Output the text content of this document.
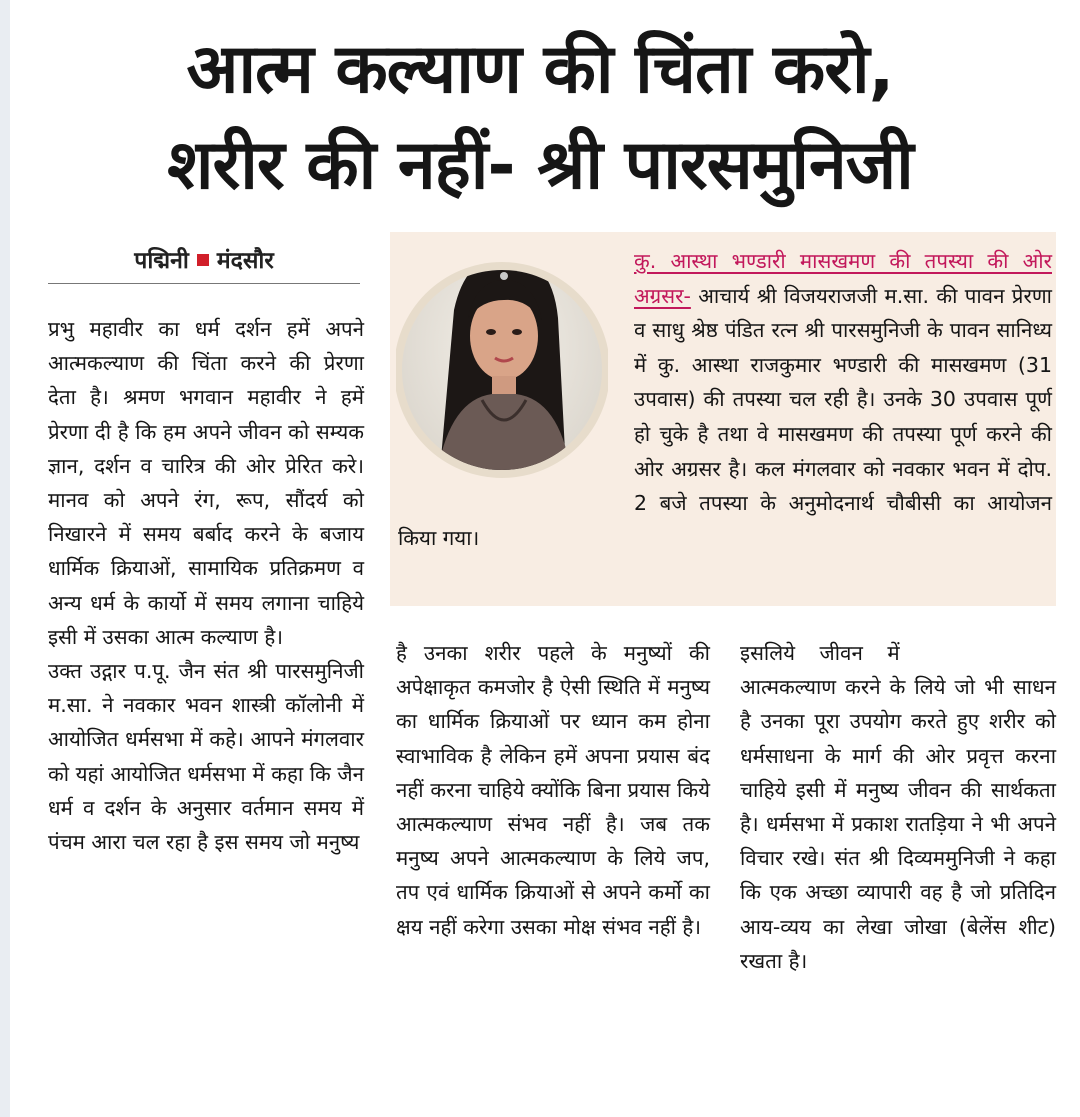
आत्म कल्याण की चिंता करो,
शरीर की नहीं- श्री पारसमुनिजी
पद्मिनी मंदसौर

प्रभु महावीर का धर्म दर्शन हमें अपने आत्मकल्याण की चिंता करने की प्रेरणा देता है। श्रमण भगवान महावीर ने हमें प्रेरणा दी है कि हम अपने जीवन को सम्यक ज्ञान, दर्शन व चारित्र की ओर प्रेरित करे। मानव को अपने रंग, रूप, सौंदर्य को निखारने में समय बर्बाद करने के बजाय धार्मिक क्रियाओं, सामायिक प्रतिक्रमण व अन्य धर्म के कार्यो में समय लगाना चाहिये इसी में उसका आत्म कल्याण है।

उक्त उद्गार प.पू. जैन संत श्री पारसमुनिजी म.सा. ने नवकार भवन शास्त्री कॉलोनी में आयोजित धर्मसभा में कहे। आपने मंगलवार को यहां आयोजित धर्मसभा में कहा कि जैन धर्म व दर्शन के अनुसार वर्तमान समय में पंचम आरा चल रहा है इस समय जो मनुष्य

कु. आस्था भण्डारी मासखमण की तपस्या की ओर अग्रसर- आचार्य श्री विजयराजजी म.सा. की पावन प्रेरणा व साधु श्रेष्ठ पंडित रत्न श्री पारसमुनिजी के पावन सानिध्य में कु. आस्था राजकुमार भण्डारी की मासखमण (31 उपवास) की तपस्या चल रही है। उनके 30 उपवास पूर्ण हो चुके है तथा वे मासखमण की तपस्या पूर्ण करने की ओर अग्रसर है। कल मंगलवार को नवकार भवन में दोप. 2 बजे तपस्या के अनुमोदनार्थ चौबीसी का आयोजन किया गया।

है उनका शरीर पहले के मनुष्यों की अपेक्षाकृत कमजोर है ऐसी स्थिति में मनुष्य का धार्मिक क्रियाओं पर ध्यान कम होना स्वाभाविक है लेकिन हमें अपना प्रयास बंद नहीं करना चाहिये क्योंकि बिना प्रयास किये आत्मकल्याण संभव नहीं है। जब तक मनुष्य अपने आत्मकल्याण के लिये जप, तप एवं धार्मिक क्रियाओं से अपने कर्मो का क्षय नहीं करेगा उसका मोक्ष संभव नहीं है।

इसलिये जीवन में

आत्मकल्याण करने के लिये जो भी साधन है उनका पूरा उपयोग करते हुए शरीर को धर्मसाधना के मार्ग की ओर प्रवृत्त करना चाहिये इसी में मनुष्य जीवन की सार्थकता है। धर्मसभा में प्रकाश रातड़िया ने भी अपने विचार रखे। संत श्री दिव्यममुनिजी ने कहा कि एक अच्छा व्यापारी वह है जो प्रतिदिन आय-व्यय का लेखा जोखा (बेलेंस शीट) रखता है।
